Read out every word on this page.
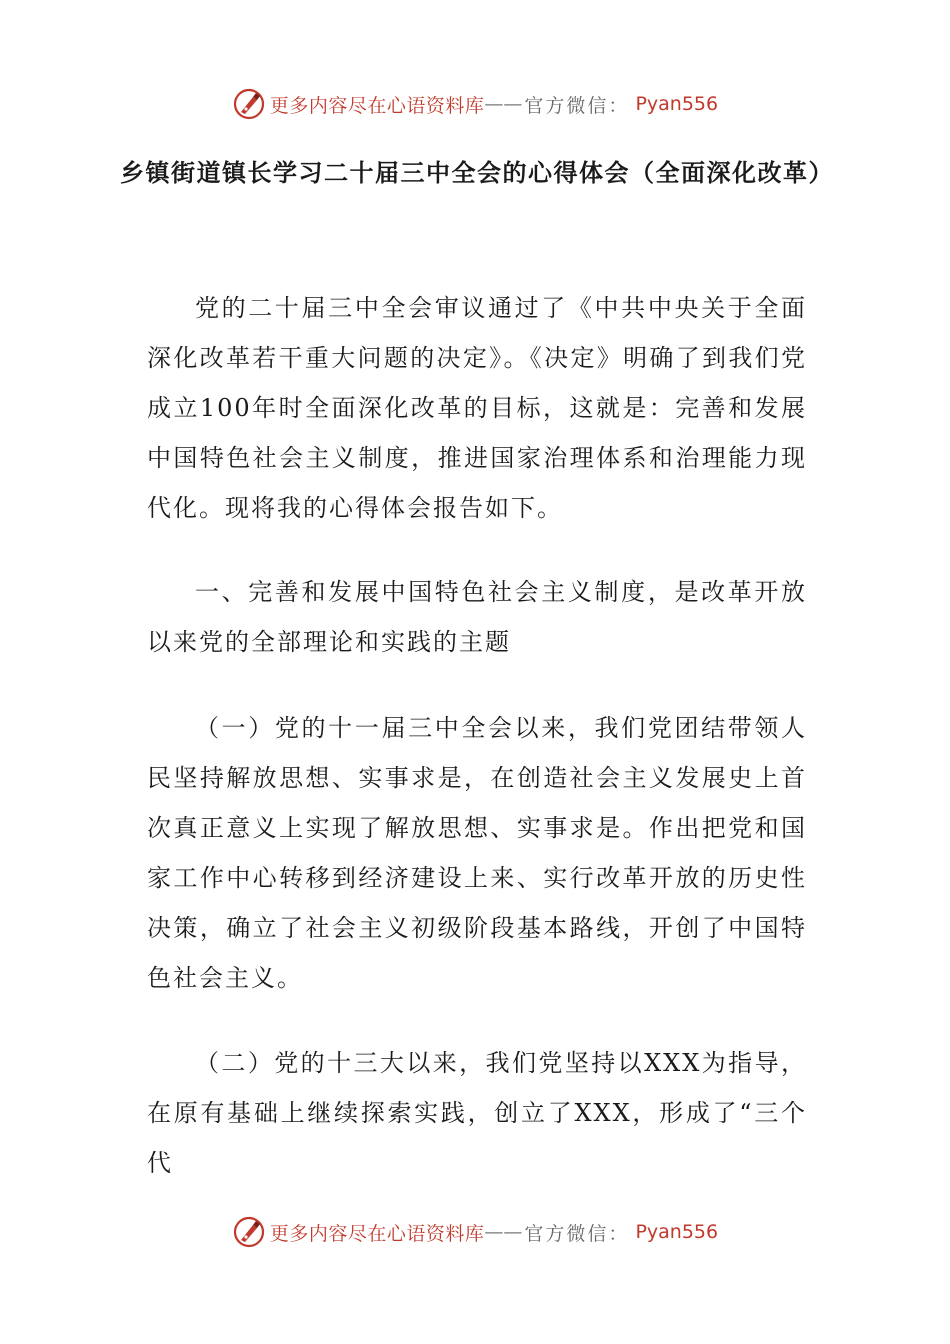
更多内容尽在心语资料库 —— 官方微信： Pyan556
乡镇街道镇长学习二十届三中全会的心得体会（全面深化改革）

党的二十届三中全会审议通过了《中共中央关于全面深化改革若干重大问题的决定》。《决定》明确了到我们党成立100年时全面深化改革的目标，这就是：完善和发展中国特色社会主义制度，推进国家治理体系和治理能力现代化。现将我的心得体会报告如下。

一、完善和发展中国特色社会主义制度，是改革开放以来党的全部理论和实践的主题

（一）党的十一届三中全会以来，我们党团结带领人民坚持解放思想、实事求是，在创造社会主义发展史上首次真正意义上实现了解放思想、实事求是。作出把党和国家工作中心转移到经济建设上来、实行改革开放的历史性决策，确立了社会主义初级阶段基本路线，开创了中国特色社会主义。

（二）党的十三大以来，我们党坚持以XXX为指导，在原有基础上继续探索实践，创立了XXX，形成了“三个代

更多内容尽在心语资料库 —— 官方微信： Pyan556
